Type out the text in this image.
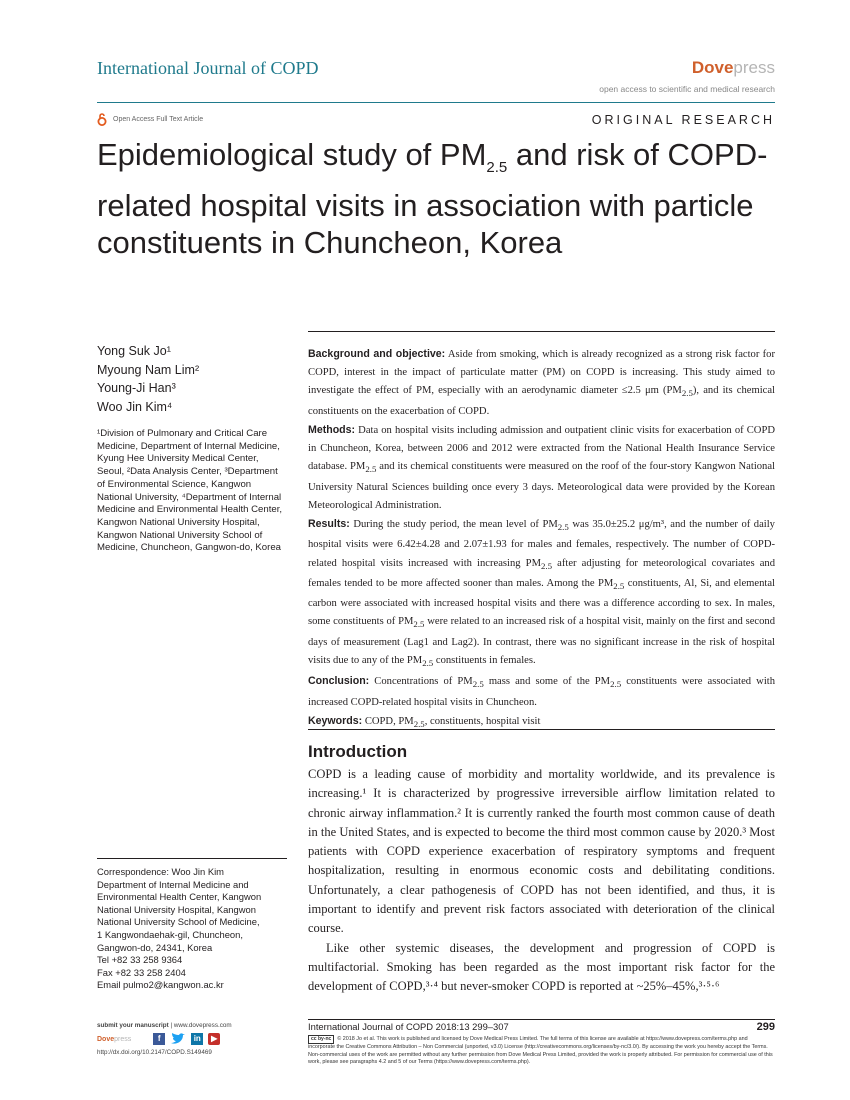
International Journal of COPD	Dovepress
open access to scientific and medical research
Open Access Full Text Article	ORIGINAL RESEARCH
Epidemiological study of $PM_{2.5}$ and risk of COPD-related hospital visits in association with particle constituents in Chuncheon, Korea
Yong Suk Jo¹
Myoung Nam Lim²
Young-Ji Han³
Woo Jin Kim⁴
¹Division of Pulmonary and Critical Care Medicine, Department of Internal Medicine, Kyung Hee University Medical Center, Seoul, ²Data Analysis Center, ³Department of Environmental Science, Kangwon National University, ⁴Department of Internal Medicine and Environmental Health Center, Kangwon National University Hospital, Kangwon National University School of Medicine, Chuncheon, Gangwon-do, Korea
Correspondence: Woo Jin Kim
Department of Internal Medicine and
Environmental Health Center, Kangwon
National University Hospital, Kangwon
National University School of Medicine,
1 Kangwondaehak-gil, Chuncheon,
Gangwon-do, 24341, Korea
Tel +82 33 258 9364
Fax +82 33 258 2404
Email pulmo2@kangwon.ac.kr

Background and objective: Aside from smoking, which is already recognized as a strong risk factor for COPD, interest in the impact of particulate matter (PM) on COPD is increasing. This study aimed to investigate the effect of PM, especially with an aerodynamic diameter ≤2.5 μm $(PM_{2.5})$, and its chemical constituents on the exacerbation of COPD.

Methods: Data on hospital visits including admission and outpatient clinic visits for exacerbation of COPD in Chuncheon, Korea, between 2006 and 2012 were extracted from the National Health Insurance Service database. $PM_{2.5}$ and its chemical constituents were measured on the roof of the four-story Kangwon National University Natural Sciences building once every 3 days. Meteorological data were provided by the Korean Meteorological Administration.

Results: During the study period, the mean level of $PM_{2.5}$ was 35.0±25.2 μg/m³, and the number of daily hospital visits were 6.42±4.28 and 2.07±1.93 for males and females, respectively. The number of COPD-related hospital visits increased with increasing $PM_{2.5}$ after adjusting for meteorological covariates and females tended to be more affected sooner than males. Among the $PM_{2.5}$ constituents, Al, Si, and elemental carbon were associated with increased hospital visits and there was a difference according to sex. In males, some constituents of $PM_{2.5}$ were related to an increased risk of a hospital visit, mainly on the first and second days of measurement (Lag1 and Lag2). In contrast, there was no significant increase in the risk of hospital visits due to any of the $PM_{2.5}$ constituents in females.

Conclusion: Concentrations of $PM_{2.5}$ mass and some of the $PM_{2.5}$ constituents were associated with increased COPD-related hospital visits in Chuncheon.

Keywords: COPD, $PM_{2.5}$, constituents, hospital visit

Introduction

COPD is a leading cause of morbidity and mortality worldwide, and its prevalence is increasing.¹ It is characterized by progressive irreversible airflow limitation related to chronic airway inflammation.² It is currently ranked the fourth most common cause of death in the United States, and is expected to become the third most common cause by 2020.³ Most patients with COPD experience exacerbation of respiratory symptoms and frequent hospitalization, resulting in enormous economic costs and debilitating conditions. Unfortunately, a clear pathogenesis of COPD has not been identified, and thus, it is important to identify and prevent risk factors associated with deterioration of the clinical course.

Like other systemic diseases, the development and progression of COPD is multifactorial. Smoking has been regarded as the most important risk factor for the development of COPD,³·⁴ but never-smoker COPD is reported at ~25%–45%,³·⁵·⁶

submit your manuscript | www.dovepress.com
Dovepress	f	in	▶
http://dx.doi.org/10.2147/COPD.S149469
International Journal of COPD 2018:13 299–307	299
cc by-nc © 2018 Jo et al. This work is published and licensed by Dove Medical Press Limited. The full terms of this license are available at https://www.dovepress.com/terms.php and incorporate the Creative Commons Attribution – Non Commercial (unported, v3.0) License (http://creativecommons.org/licenses/by-nc/3.0/). By accessing the work you hereby accept the Terms. Non-commercial uses of the work are permitted without any further permission from Dove Medical Press Limited, provided the work is properly attributed. For permission for commercial use of this work, please see paragraphs 4.2 and 5 of our Terms (https://www.dovepress.com/terms.php).
